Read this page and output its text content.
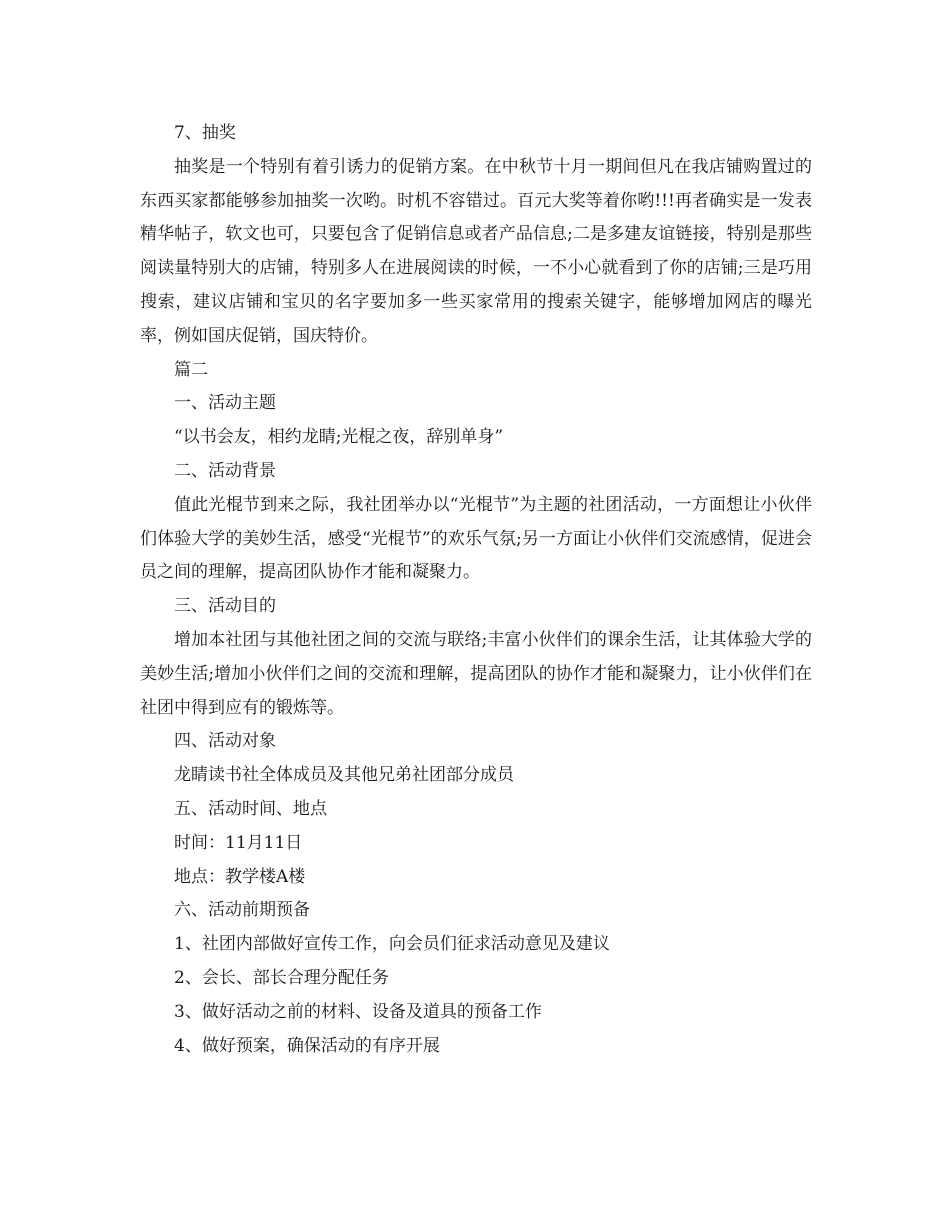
7、抽奖

抽奖是一个特别有着引诱力的促销方案。在中秋节十月一期间但凡在我店铺购置过的东西买家都能够参加抽奖一次哟。时机不容错过。百元大奖等着你哟!!!再者确实是一发表精华帖子，软文也可，只要包含了促销信息或者产品信息;二是多建友谊链接，特别是那些阅读量特别大的店铺，特别多人在进展阅读的时候，一不小心就看到了你的店铺;三是巧用搜索，建议店铺和宝贝的名字要加多一些买家常用的搜索关键字，能够增加网店的曝光率，例如国庆促销，国庆特价。

篇二

一、活动主题

“以书会友，相约龙睛;光棍之夜，辞别单身”

二、活动背景

值此光棍节到来之际，我社团举办以“光棍节”为主题的社团活动，一方面想让小伙伴们体验大学的美妙生活，感受“光棍节”的欢乐气氛;另一方面让小伙伴们交流感情，促进会员之间的理解，提高团队协作才能和凝聚力。

三、活动目的

增加本社团与其他社团之间的交流与联络;丰富小伙伴们的课余生活，让其体验大学的美妙生活;增加小伙伴们之间的交流和理解，提高团队的协作才能和凝聚力，让小伙伴们在社团中得到应有的锻炼等。

四、活动对象

龙睛读书社全体成员及其他兄弟社团部分成员

五、活动时间、地点

时间：11月11日

地点：教学楼A楼

六、活动前期预备

1、社团内部做好宣传工作，向会员们征求活动意见及建议

2、会长、部长合理分配任务

3、做好活动之前的材料、设备及道具的预备工作

4、做好预案，确保活动的有序开展
